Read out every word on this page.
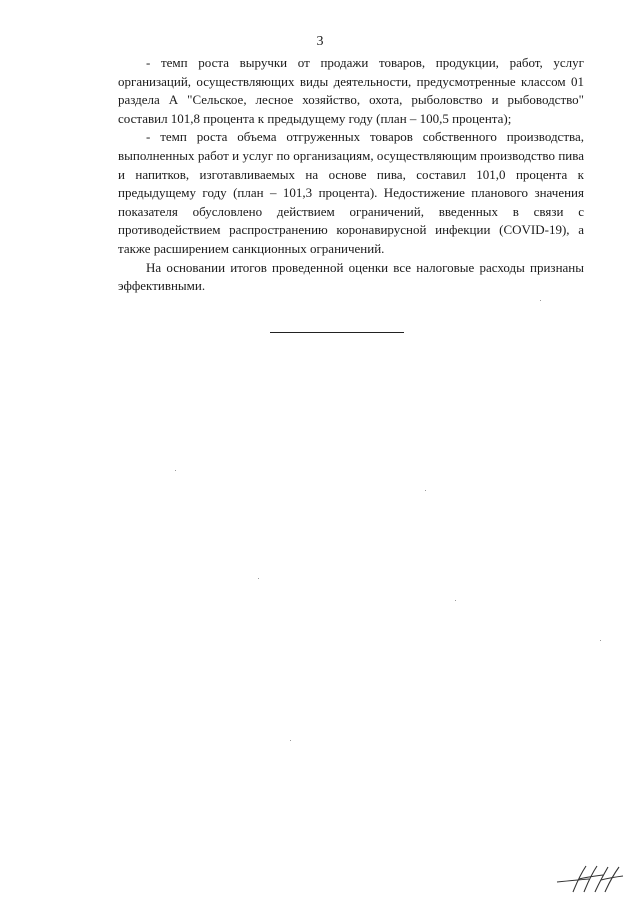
3

- темп роста выручки от продажи товаров, продукции, работ, услуг организаций, осуществляющих виды деятельности, предусмотренные классом 01 раздела А "Сельское, лесное хозяйство, охота, рыболовство и рыбоводство" составил 101,8 процента к предыдущему году (план – 100,5 процента);

- темп роста объема отгруженных товаров собственного производства, выполненных работ и услуг по организациям, осуществляющим производство пива и напитков, изготавливаемых на основе пива, составил 101,0 процента к предыдущему году (план – 101,3 процента). Недостижение планового значения показателя обусловлено действием ограничений, введенных в связи с противодействием распространению коронавирусной инфекции (COVID-19), а также расширением санкционных ограничений.

На основании итогов проведенной оценки все налоговые расходы признаны эффективными.
